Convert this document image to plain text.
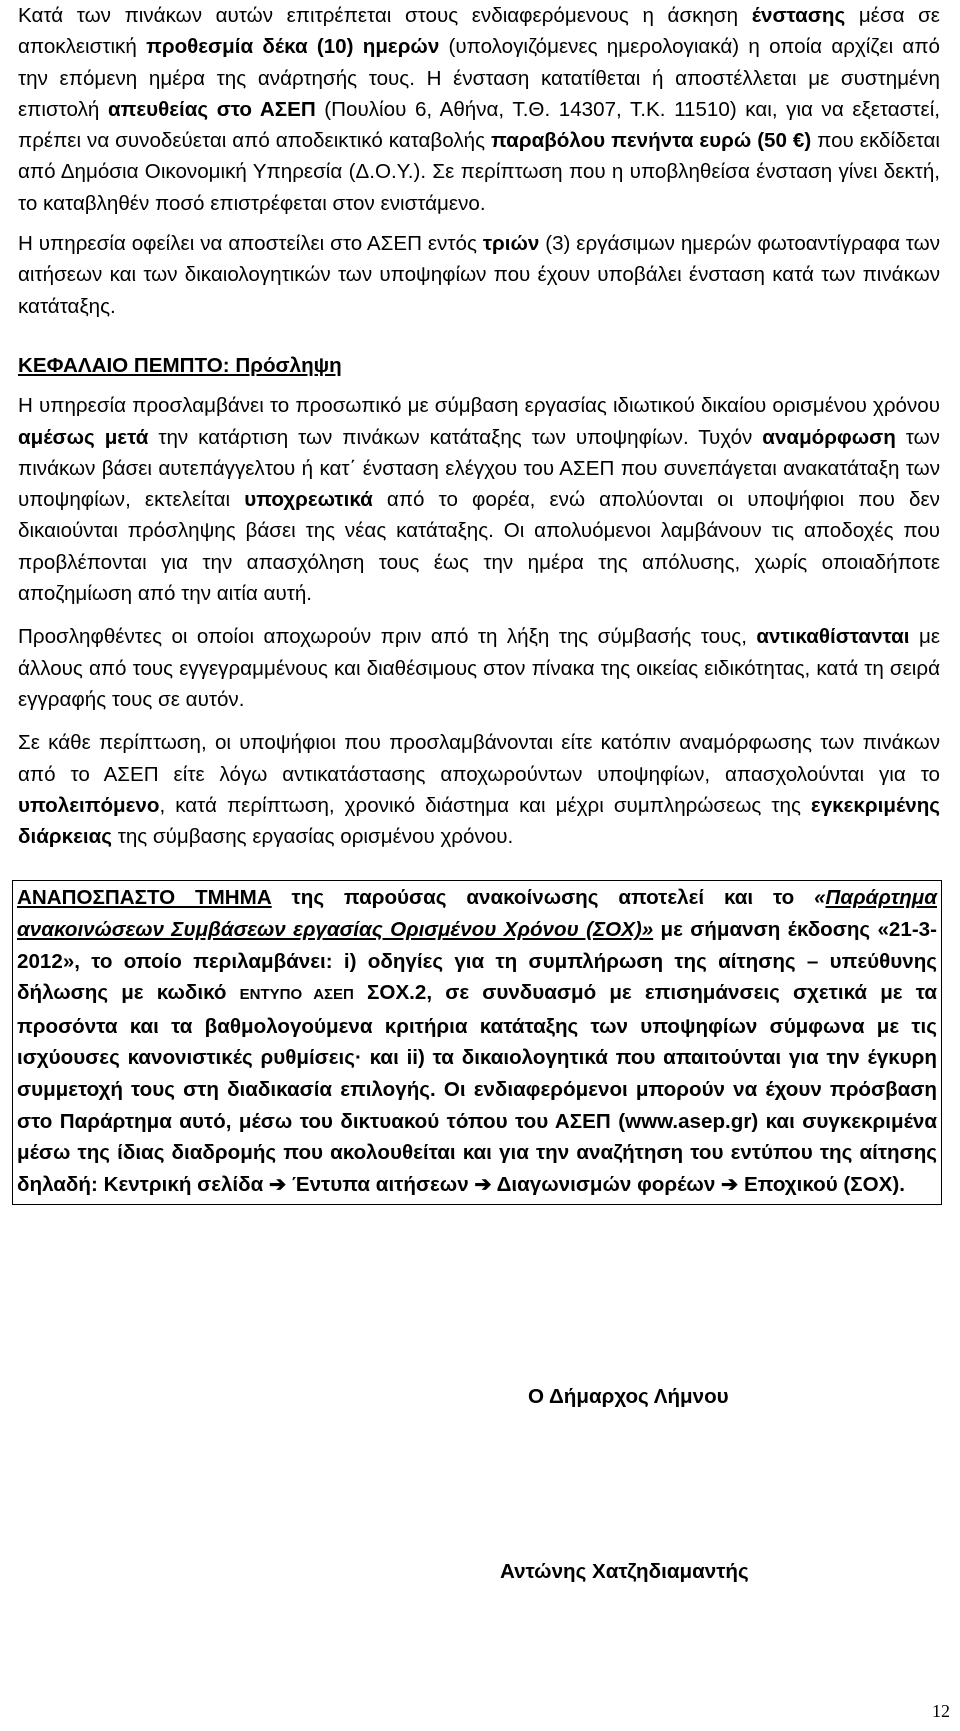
Κατά των πινάκων αυτών επιτρέπεται στους ενδιαφερόμενους η άσκηση ένστασης μέσα σε αποκλειστική προθεσμία δέκα (10) ημερών (υπολογιζόμενες ημερολογιακά) η οποία αρχίζει από την επόμενη ημέρα της ανάρτησής τους. Η ένσταση κατατίθεται ή αποστέλλεται με συστημένη επιστολή απευθείας στο ΑΣΕΠ (Πουλίου 6, Αθήνα, Τ.Θ. 14307, Τ.Κ. 11510) και, για να εξεταστεί, πρέπει να συνοδεύεται από αποδεικτικό καταβολής παραβόλου πενήντα ευρώ (50 €) που εκδίδεται από Δημόσια Οικονομική Υπηρεσία (Δ.Ο.Υ.). Σε περίπτωση που η υποβληθείσα ένσταση γίνει δεκτή, το καταβληθέν ποσό επιστρέφεται στον ενιστάμενο.

Η υπηρεσία οφείλει να αποστείλει στο ΑΣΕΠ εντός τριών (3) εργάσιμων ημερών φωτοαντίγραφα των αιτήσεων και των δικαιολογητικών των υποψηφίων που έχουν υποβάλει ένσταση κατά των πινάκων κατάταξης.

ΚΕΦΑΛΑΙΟ ΠΕΜΠΤΟ: Πρόσληψη

Η υπηρεσία προσλαμβάνει το προσωπικό με σύμβαση εργασίας ιδιωτικού δικαίου ορισμένου χρόνου αμέσως μετά την κατάρτιση των πινάκων κατάταξης των υποψηφίων. Τυχόν αναμόρφωση των πινάκων βάσει αυτεπάγγελτου ή κατ΄ ένσταση ελέγχου του ΑΣΕΠ που συνεπάγεται ανακατάταξη των υποψηφίων, εκτελείται υποχρεωτικά από το φορέα, ενώ απολύονται οι υποψήφιοι που δεν δικαιούνται πρόσληψης βάσει της νέας κατάταξης. Οι απολυόμενοι λαμβάνουν τις αποδοχές που προβλέπονται για την απασχόληση τους έως την ημέρα της απόλυσης, χωρίς οποιαδήποτε αποζημίωση από την αιτία αυτή.

Προσληφθέντες οι οποίοι αποχωρούν πριν από τη λήξη της σύμβασής τους, αντικαθίστανται με άλλους από τους εγγεγραμμένους και διαθέσιμους στον πίνακα της οικείας ειδικότητας, κατά τη σειρά εγγραφής τους σε αυτόν.

Σε κάθε περίπτωση, οι υποψήφιοι που προσλαμβάνονται είτε κατόπιν αναμόρφωσης των πινάκων από το ΑΣΕΠ είτε λόγω αντικατάστασης αποχωρούντων υποψηφίων, απασχολούνται για το υπολειπόμενο, κατά περίπτωση, χρονικό διάστημα και μέχρι συμπληρώσεως της εγκεκριμένης διάρκειας της σύμβασης εργασίας ορισμένου χρόνου.

ΑΝΑΠΟΣΠΑΣΤΟ ΤΜΗΜΑ της παρούσας ανακοίνωσης αποτελεί και το «Παράρτημα ανακοινώσεων Συμβάσεων εργασίας Ορισμένου Χρόνου (ΣΟΧ)» με σήμανση έκδοσης «21-3-2012», το οποίο περιλαμβάνει: i) οδηγίες για τη συμπλήρωση της αίτησης – υπεύθυνης δήλωσης με κωδικό ΕΝΤΥΠΟ ΑΣΕΠ ΣΟΧ.2, σε συνδυασμό με επισημάνσεις σχετικά με τα προσόντα και τα βαθμολογούμενα κριτήρια κατάταξης των υποψηφίων σύμφωνα με τις ισχύουσες κανονιστικές ρυθμίσεις· και ii) τα δικαιολογητικά που απαιτούνται για την έγκυρη συμμετοχή τους στη διαδικασία επιλογής. Οι ενδιαφερόμενοι μπορούν να έχουν πρόσβαση στο Παράρτημα αυτό, μέσω του δικτυακού τόπου του ΑΣΕΠ (www.asep.gr) και συγκεκριμένα μέσω της ίδιας διαδρομής που ακολουθείται και για την αναζήτηση του εντύπου της αίτησης δηλαδή: Κεντρική σελίδα ➔ Έντυπα αιτήσεων ➔ Διαγωνισμών φορέων ➔ Εποχικού (ΣΟΧ).
Ο Δήμαρχος Λήμνου
Αντώνης Χατζηδιαμαντής
12
